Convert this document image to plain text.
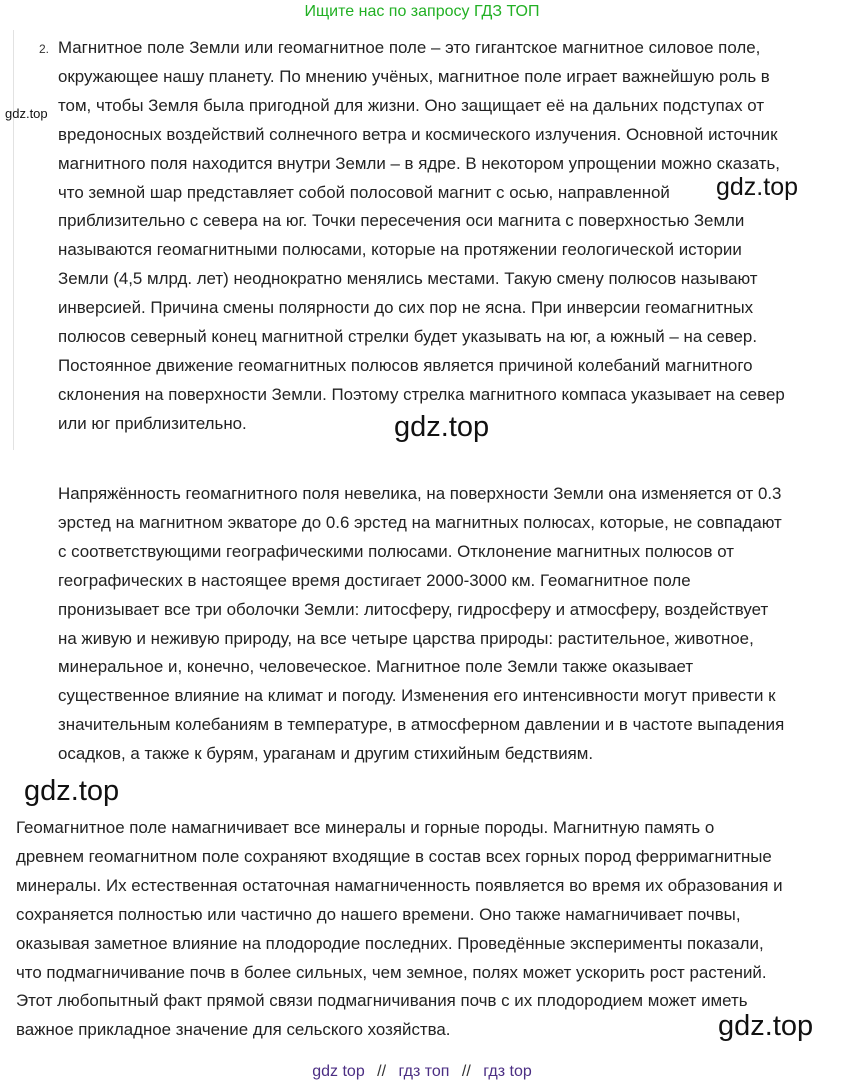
Ищите нас по запросу ГДЗ ТОП
2.
gdz.top
Магнитное поле Земли или геомагнитное поле – это гигантское магнитное силовое поле,
окружающее нашу планету. По мнению учёных, магнитное поле играет важнейшую роль в
том, чтобы Земля была пригодной для жизни. Оно защищает её на дальних подступах от
вредоносных воздействий солнечного ветра и космического излучения. Основной источник
магнитного поля находится внутри Земли – в ядре. В некотором упрощении можно сказать,
что земной шар представляет собой полосовой магнит с осью, направленной
приблизительно с севера на юг. Точки пересечения оси магнита с поверхностью Земли
называются геомагнитными полюсами, которые на протяжении геологической истории
Земли (4,5 млрд. лет) неоднократно менялись местами. Такую смену полюсов называют
инверсией. Причина смены полярности до сих пор не ясна. При инверсии геомагнитных
полюсов северный конец магнитной стрелки будет указывать на юг, а южный – на север.
Постоянное движение геомагнитных полюсов является причиной колебаний магнитного
склонения на поверхности Земли. Поэтому стрелка магнитного компаса указывает на север
или юг приблизительно.
gdz.top
gdz.top
Напряжённость геомагнитного поля невелика, на поверхности Земли она изменяется от 0.3
эрстед на магнитном экваторе до 0.6 эрстед на магнитных полюсах, которые, не совпадают
с соответствующими географическими полюсами. Отклонение магнитных полюсов от
географических в настоящее время достигает 2000-3000 км. Геомагнитное поле
пронизывает все три оболочки Земли: литосферу, гидросферу и атмосферу, воздействует
на живую и неживую природу, на все четыре царства природы: растительное, животное,
минеральное и, конечно, человеческое. Магнитное поле Земли также оказывает
существенное влияние на климат и погоду. Изменения его интенсивности могут привести к
значительным колебаниям в температуре, в атмосферном давлении и в частоте выпадения
осадков, а также к бурям, ураганам и другим стихийным бедствиям.
gdz.top
Геомагнитное поле намагничивает все минералы и горные породы. Магнитную память о
древнем геомагнитном поле сохраняют входящие в состав всех горных пород ферримагнитные
минералы. Их естественная остаточная намагниченность появляется во время их образования и
сохраняется полностью или частично до нашего времени. Оно также намагничивает почвы,
оказывая заметное влияние на плодородие последних. Проведённые эксперименты показали,
что подмагничивание почв в более сильных, чем земное, полях может ускорить рост растений.
Этот любопытный факт прямой связи подмагничивания почв с их плодородием может иметь
важное прикладное значение для сельского хозяйства.	gdz.top
gdz top // гдз топ // гдз top
